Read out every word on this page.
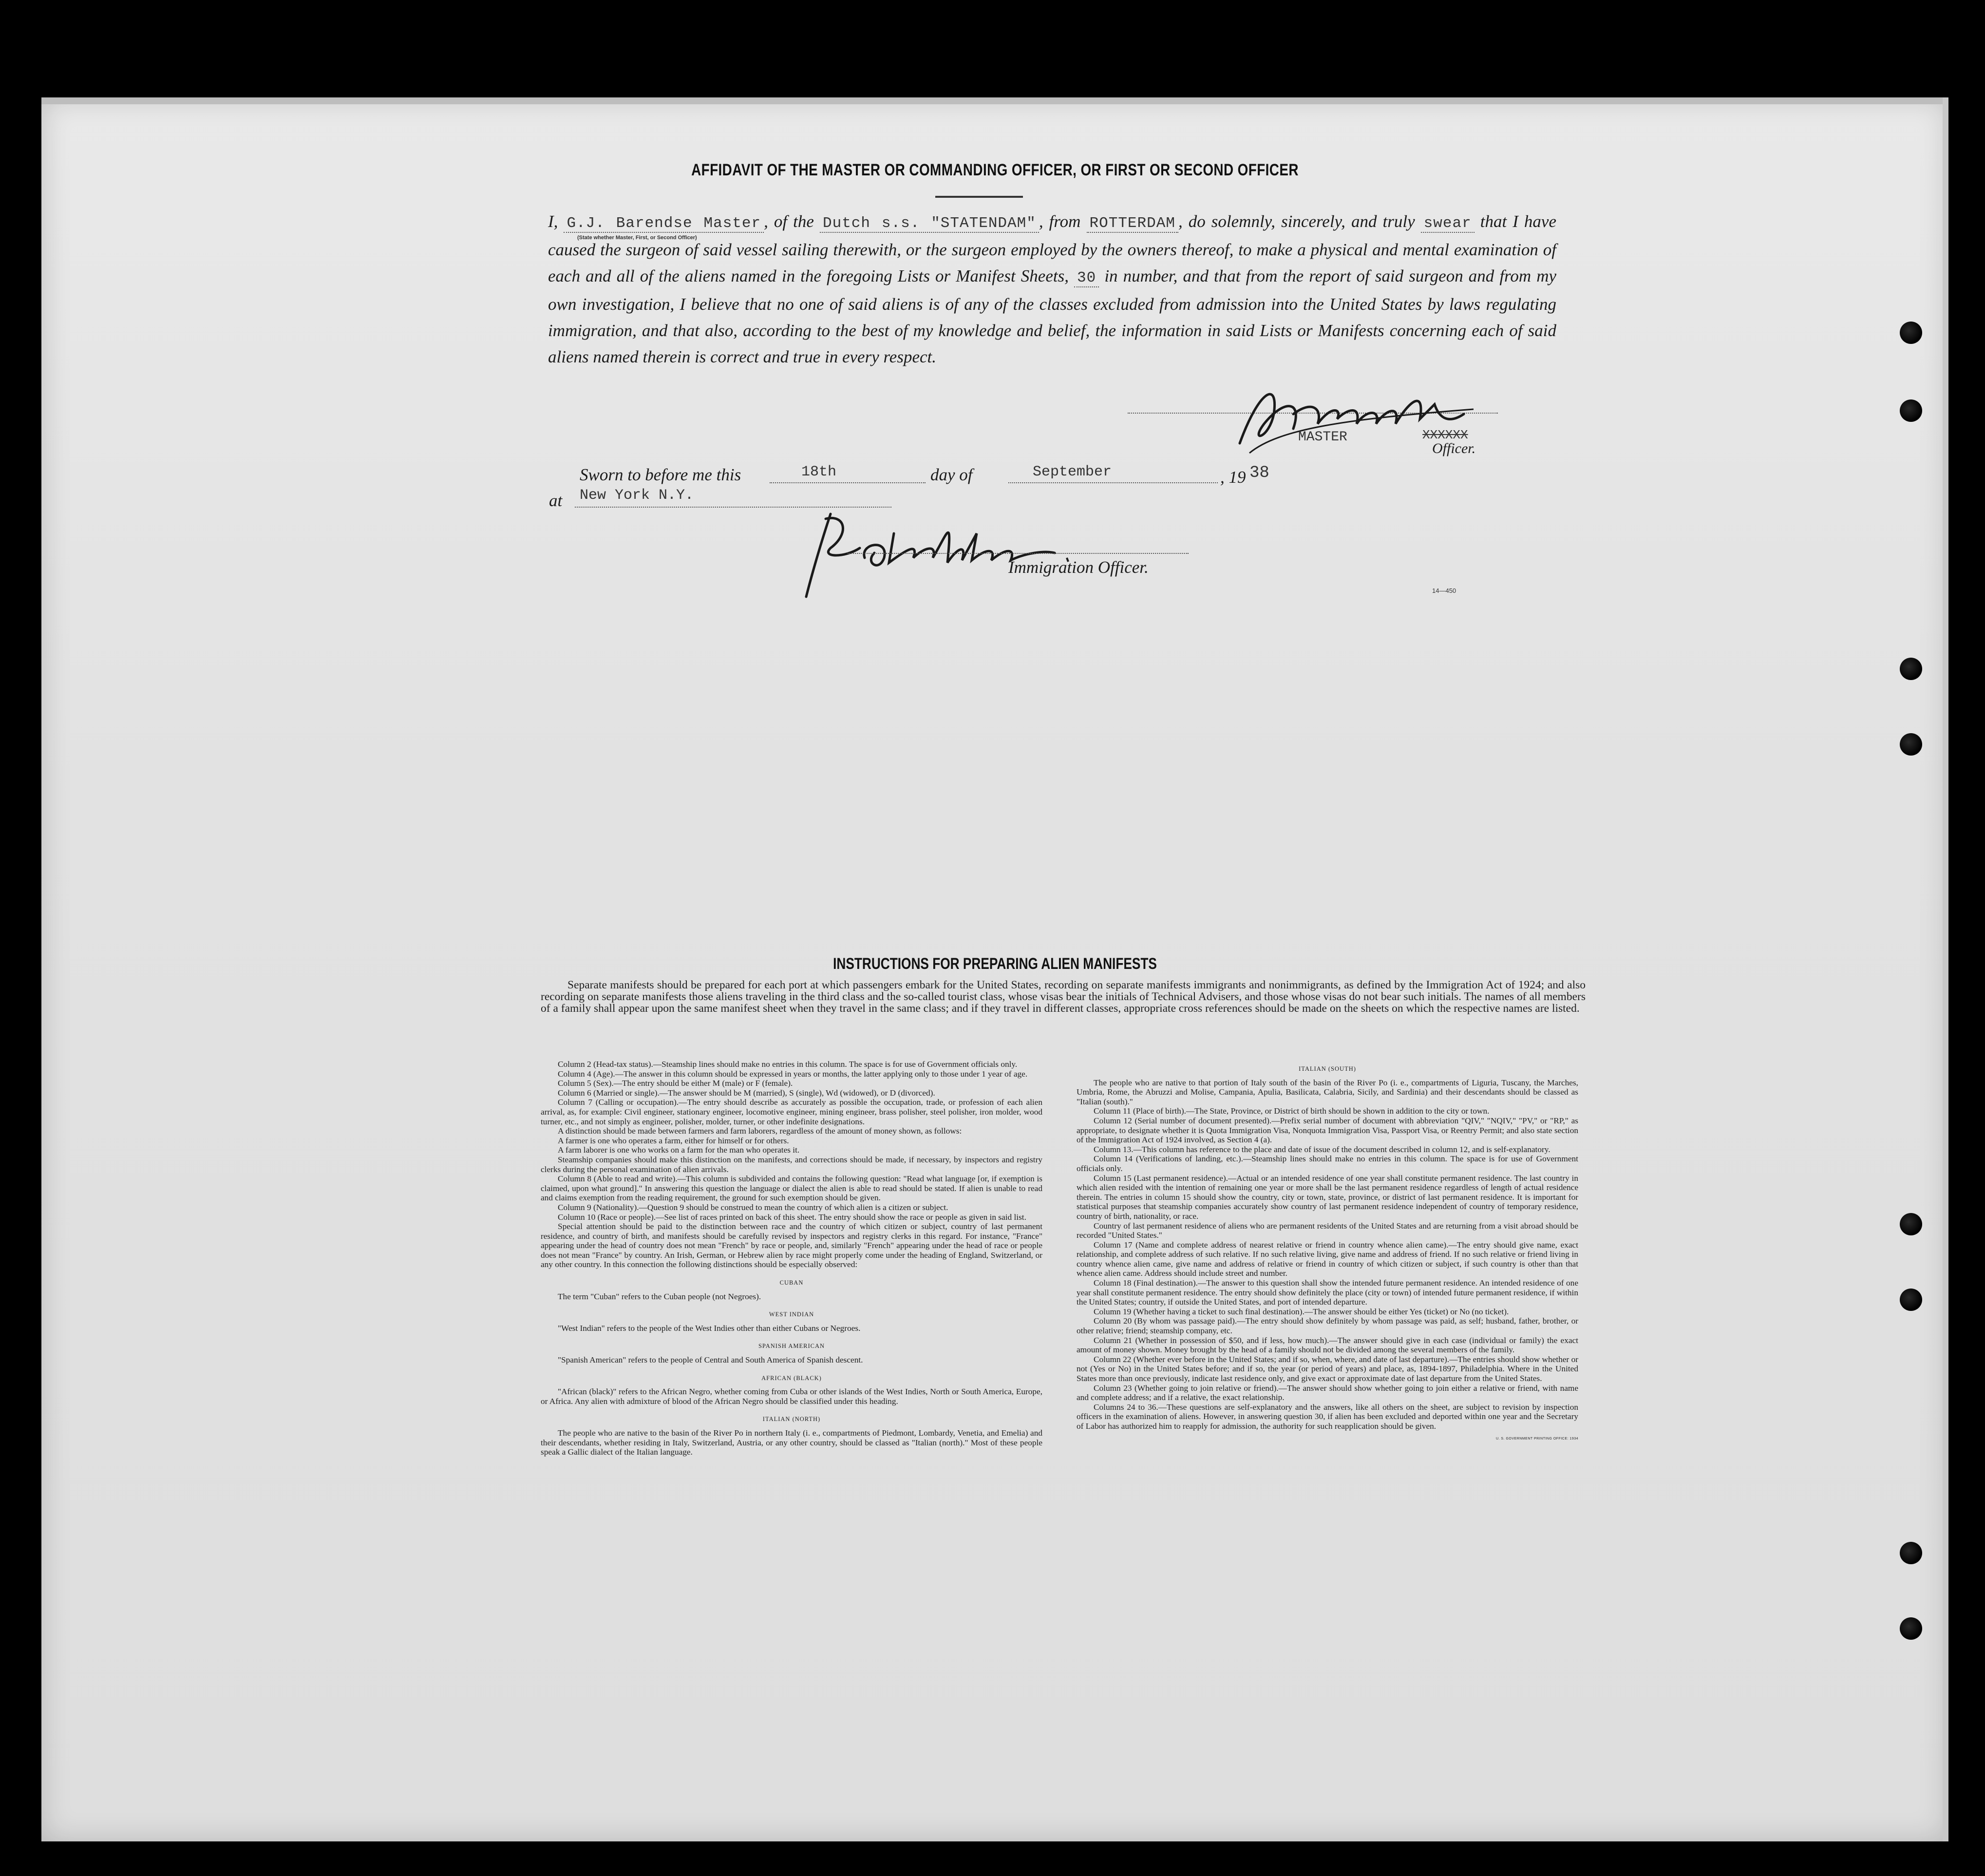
AFFIDAVIT OF THE MASTER OR COMMANDING OFFICER, OR FIRST OR SECOND OFFICER
I, G.J. Barendse Master , of the Dutch s.s. "STATENDAM" , from ROTTERDAM , do solemnly, sincerely, and truly swear that I have caused the surgeon of said vessel sailing therewith, or the surgeon employed by the owners thereof, to make a physical and mental examination of each and all of the aliens named in the foregoing Lists or Manifest Sheets, 30 in number, and that from the report of said surgeon and from my own investigation, I believe that no one of said aliens is of any of the classes excluded from admission into the United States by laws regulating immigration, and that also, according to the best of my knowledge and belief, the information in said Lists or Manifests concerning each of said aliens named therein is correct and true in every respect.
(State whether Master, First, or Second Officer)
MASTER	XXXXXX
Officer.
Sworn to before me this	18th	day of	September	, 19 38
at New York N.Y.
Immigration Officer.
14—450
INSTRUCTIONS FOR PREPARING ALIEN MANIFESTS
Separate manifests should be prepared for each port at which passengers embark for the United States, recording on separate manifests immigrants and nonimmigrants, as defined by the Immigration Act of 1924; and also recording on separate manifests those aliens traveling in the third class and the so-called tourist class, whose visas bear the initials of Technical Advisers, and those whose visas do not bear such initials. The names of all members of a family shall appear upon the same manifest sheet when they travel in the same class; and if they travel in different classes, appropriate cross references should be made on the sheets on which the respective names are listed.

Column 2 (Head-tax status).—Steamship lines should make no entries in this column. The space is for use of Government officials only.

Column 4 (Age).—The answer in this column should be expressed in years or months, the latter applying only to those under 1 year of age.

Column 5 (Sex).—The entry should be either M (male) or F (female).

Column 6 (Married or single).—The answer should be M (married), S (single), Wd (widowed), or D (divorced).

Column 7 (Calling or occupation).—The entry should describe as accurately as possible the occupation, trade, or profession of each alien arrival, as, for example: Civil engineer, stationary engineer, locomotive engineer, mining engineer, brass polisher, steel polisher, iron molder, wood turner, etc., and not simply as engineer, polisher, molder, turner, or other indefinite designations.

A distinction should be made between farmers and farm laborers, regardless of the amount of money shown, as follows:

A farmer is one who operates a farm, either for himself or for others.

A farm laborer is one who works on a farm for the man who operates it.

Steamship companies should make this distinction on the manifests, and corrections should be made, if necessary, by inspectors and registry clerks during the personal examination of alien arrivals.

Column 8 (Able to read and write).—This column is subdivided and contains the following question: "Read what language [or, if exemption is claimed, upon what ground]." In answering this question the language or dialect the alien is able to read should be stated. If alien is unable to read and claims exemption from the reading requirement, the ground for such exemption should be given.

Column 9 (Nationality).—Question 9 should be construed to mean the country of which alien is a citizen or subject.

Column 10 (Race or people).—See list of races printed on back of this sheet. The entry should show the race or people as given in said list.

Special attention should be paid to the distinction between race and the country of which citizen or subject, country of last permanent residence, and country of birth, and manifests should be carefully revised by inspectors and registry clerks in this regard. For instance, "France" appearing under the head of country does not mean "French" by race or people, and, similarly "French" appearing under the head of race or people does not mean "France" by country. An Irish, German, or Hebrew alien by race might properly come under the heading of England, Switzerland, or any other country. In this connection the following distinctions should be especially observed:

CUBAN

The term "Cuban" refers to the Cuban people (not Negroes).

WEST INDIAN

"West Indian" refers to the people of the West Indies other than either Cubans or Negroes.

SPANISH AMERICAN

"Spanish American" refers to the people of Central and South America of Spanish descent.

AFRICAN (BLACK)

"African (black)" refers to the African Negro, whether coming from Cuba or other islands of the West Indies, North or South America, Europe, or Africa. Any alien with admixture of blood of the African Negro should be classified under this heading.

ITALIAN (NORTH)

The people who are native to the basin of the River Po in northern Italy (i. e., compartments of Piedmont, Lombardy, Venetia, and Emelia) and their descendants, whether residing in Italy, Switzerland, Austria, or any other country, should be classed as "Italian (north)." Most of these people speak a Gallic dialect of the Italian language.

ITALIAN (SOUTH)

The people who are native to that portion of Italy south of the basin of the River Po (i. e., compartments of Liguria, Tuscany, the Marches, Umbria, Rome, the Abruzzi and Molise, Campania, Apulia, Basilicata, Calabria, Sicily, and Sardinia) and their descendants should be classed as "Italian (south)."

Column 11 (Place of birth).—The State, Province, or District of birth should be shown in addition to the city or town.

Column 12 (Serial number of document presented).—Prefix serial number of document with abbreviation "QIV," "NQIV," "PV," or "RP," as appropriate, to designate whether it is Quota Immigration Visa, Nonquota Immigration Visa, Passport Visa, or Reentry Permit; and also state section of the Immigration Act of 1924 involved, as Section 4 (a).

Column 13.—This column has reference to the place and date of issue of the document described in column 12, and is self-explanatory.

Column 14 (Verifications of landing, etc.).—Steamship lines should make no entries in this column. The space is for use of Government officials only.

Column 15 (Last permanent residence).—Actual or an intended residence of one year shall constitute permanent residence. The last country in which alien resided with the intention of remaining one year or more shall be the last permanent residence regardless of length of actual residence therein. The entries in column 15 should show the country, city or town, state, province, or district of last permanent residence. It is important for statistical purposes that steamship companies accurately show country of last permanent residence independent of country of temporary residence, country of birth, nationality, or race.

Country of last permanent residence of aliens who are permanent residents of the United States and are returning from a visit abroad should be recorded "United States."

Column 17 (Name and complete address of nearest relative or friend in country whence alien came).—The entry should give name, exact relationship, and complete address of such relative. If no such relative living, give name and address of friend. If no such relative or friend living in country whence alien came, give name and address of relative or friend in country of which citizen or subject, if such country is other than that whence alien came. Address should include street and number.

Column 18 (Final destination).—The answer to this question shall show the intended future permanent residence. An intended residence of one year shall constitute permanent residence. The entry should show definitely the place (city or town) of intended future permanent residence, if within the United States; country, if outside the United States, and port of intended departure.

Column 19 (Whether having a ticket to such final destination).—The answer should be either Yes (ticket) or No (no ticket).

Column 20 (By whom was passage paid).—The entry should show definitely by whom passage was paid, as self; husband, father, brother, or other relative; friend; steamship company, etc.

Column 21 (Whether in possession of $50, and if less, how much).—The answer should give in each case (individual or family) the exact amount of money shown. Money brought by the head of a family should not be divided among the several members of the family.

Column 22 (Whether ever before in the United States; and if so, when, where, and date of last departure).—The entries should show whether or not (Yes or No) in the United States before; and if so, the year (or period of years) and place, as, 1894-1897, Philadelphia. Where in the United States more than once previously, indicate last residence only, and give exact or approximate date of last departure from the United States.

Column 23 (Whether going to join relative or friend).—The answer should show whether going to join either a relative or friend, with name and complete address; and if a relative, the exact relationship.

Columns 24 to 36.—These questions are self-explanatory and the answers, like all others on the sheet, are subject to revision by inspection officers in the examination of aliens. However, in answering question 30, if alien has been excluded and deported within one year and the Secretary of Labor has authorized him to reapply for admission, the authority for such reapplication should be given.

U. S. GOVERNMENT PRINTING OFFICE: 1934
